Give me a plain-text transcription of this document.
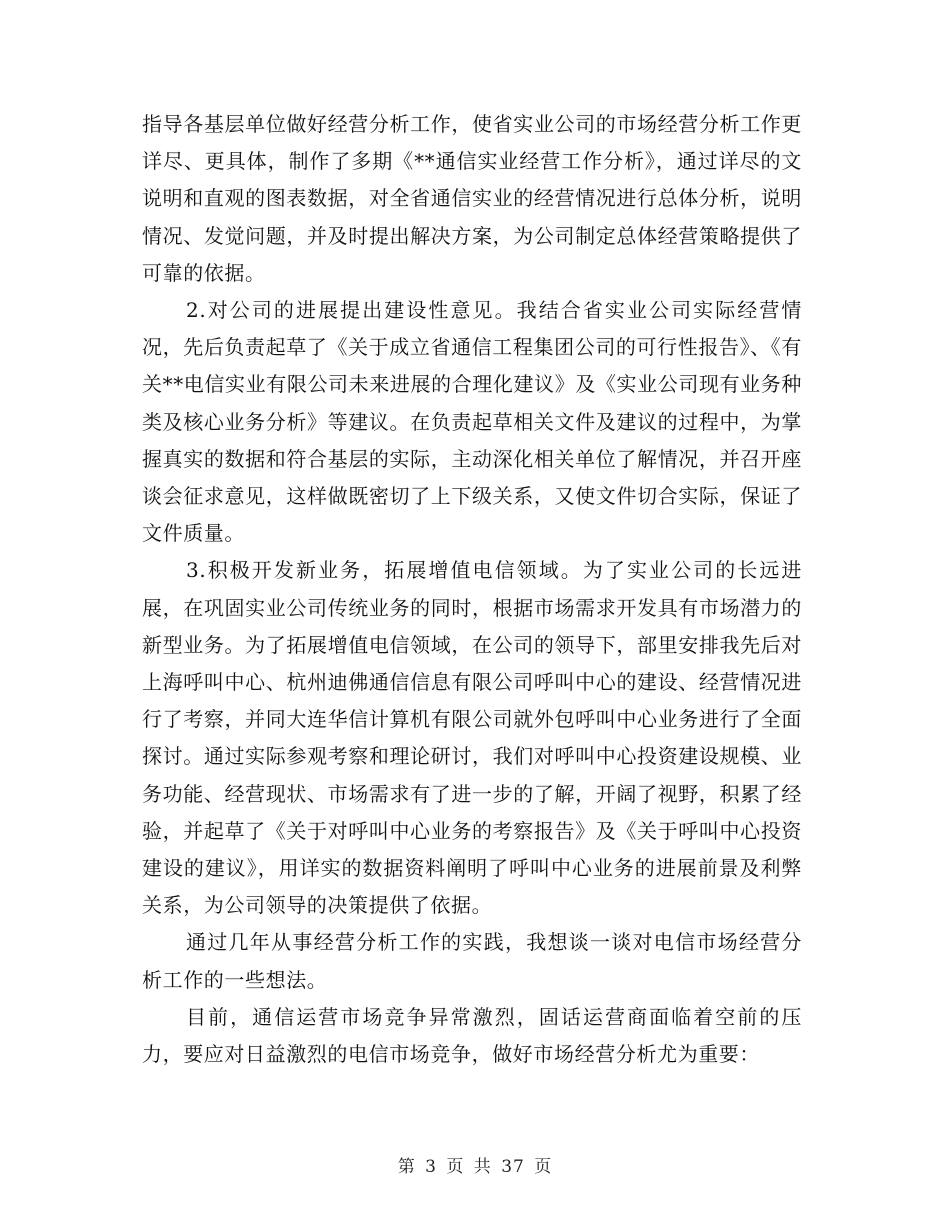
指导各基层单位做好经营分析工作，使省实业公司的市场经营分析工作更详尽、更具体，制作了多期《**通信实业经营工作分析》，通过详尽的文说明和直观的图表数据，对全省通信实业的经营情况进行总体分析，说明情况、发觉问题，并及时提出解决方案，为公司制定总体经营策略提供了可靠的依据。

2.对公司的进展提出建设性意见。我结合省实业公司实际经营情况，先后负责起草了《关于成立省通信工程集团公司的可行性报告》、《有关**电信实业有限公司未来进展的合理化建议》及《实业公司现有业务种类及核心业务分析》等建议。在负责起草相关文件及建议的过程中，为掌握真实的数据和符合基层的实际，主动深化相关单位了解情况，并召开座谈会征求意见，这样做既密切了上下级关系，又使文件切合实际，保证了文件质量。

3.积极开发新业务，拓展增值电信领域。为了实业公司的长远进展，在巩固实业公司传统业务的同时，根据市场需求开发具有市场潜力的新型业务。为了拓展增值电信领域，在公司的领导下，部里安排我先后对上海呼叫中心、杭州迪佛通信信息有限公司呼叫中心的建设、经营情况进行了考察，并同大连华信计算机有限公司就外包呼叫中心业务进行了全面探讨。通过实际参观考察和理论研讨，我们对呼叫中心投资建设规模、业务功能、经营现状、市场需求有了进一步的了解，开阔了视野，积累了经验，并起草了《关于对呼叫中心业务的考察报告》及《关于呼叫中心投资建设的建议》，用详实的数据资料阐明了呼叫中心业务的进展前景及利弊关系，为公司领导的决策提供了依据。

通过几年从事经营分析工作的实践，我想谈一谈对电信市场经营分析工作的一些想法。

目前，通信运营市场竞争异常激烈，固话运营商面临着空前的压力，要应对日益激烈的电信市场竞争，做好市场经营分析尤为重要：

第 3 页 共 37 页
